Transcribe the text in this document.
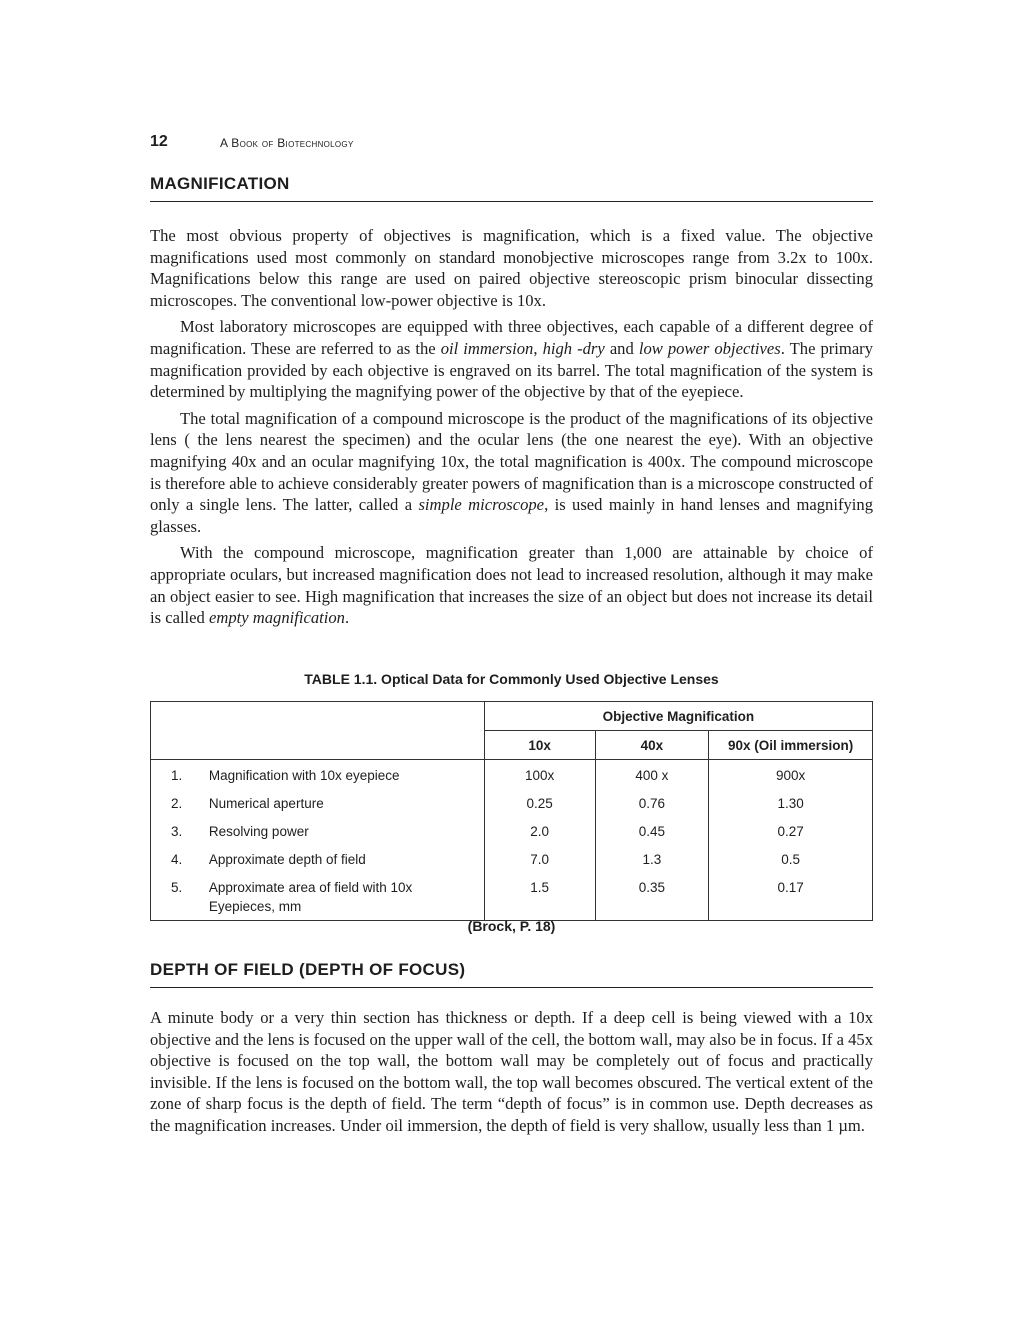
12	A Book of Biotechnology
MAGNIFICATION

The most obvious property of objectives is magnification, which is a fixed value. The objective magnifications used most commonly on standard monobjective microscopes range from 3.2x to 100x. Magnifications below this range are used on paired objective stereoscopic prism binocular dissecting microscopes. The conventional low-power objective is 10x.

Most laboratory microscopes are equipped with three objectives, each capable of a different degree of magnification. These are referred to as the oil immersion, high -dry and low power objectives. The primary magnification provided by each objective is engraved on its barrel. The total magnification of the system is determined by multiplying the magnifying power of the objective by that of the eyepiece.

The total magnification of a compound microscope is the product of the magnifications of its objective lens ( the lens nearest the specimen) and the ocular lens (the one nearest the eye). With an objective magnifying 40x and an ocular magnifying 10x, the total magnification is 400x. The compound microscope is therefore able to achieve considerably greater powers of magnification than is a microscope constructed of only a single lens. The latter, called a simple microscope, is used mainly in hand lenses and magnifying glasses.

With the compound microscope, magnification greater than 1,000 are attainable by choice of appropriate oculars, but increased magnification does not lead to increased resolution, although it may make an object easier to see. High magnification that increases the size of an object but does not increase its detail is called empty magnification.

TABLE 1.1. Optical Data for Commonly Used Objective Lenses
		Objective Magnification		
		10x	40x	90x (Oil immersion)
1.	Magnification with 10x eyepiece	100x	400 x	900x
2.	Numerical aperture	0.25	0.76	1.30
3.	Resolving power	2.0	0.45	0.27
4.	Approximate depth of field	7.0	1.3	0.5
5.	Approximate area of field with 10x
Eyepieces, mm	1.5	0.35	0.17
(Brock, P. 18)
DEPTH OF FIELD (DEPTH OF FOCUS)

A minute body or a very thin section has thickness or depth. If a deep cell is being viewed with a 10x objective and the lens is focused on the upper wall of the cell, the bottom wall, may also be in focus. If a 45x objective is focused on the top wall, the bottom wall may be completely out of focus and practically invisible. If the lens is focused on the bottom wall, the top wall becomes obscured. The vertical extent of the zone of sharp focus is the depth of field. The term “depth of focus” is in common use. Depth decreases as the magnification increases. Under oil immersion, the depth of field is very shallow, usually less than 1 µm.
